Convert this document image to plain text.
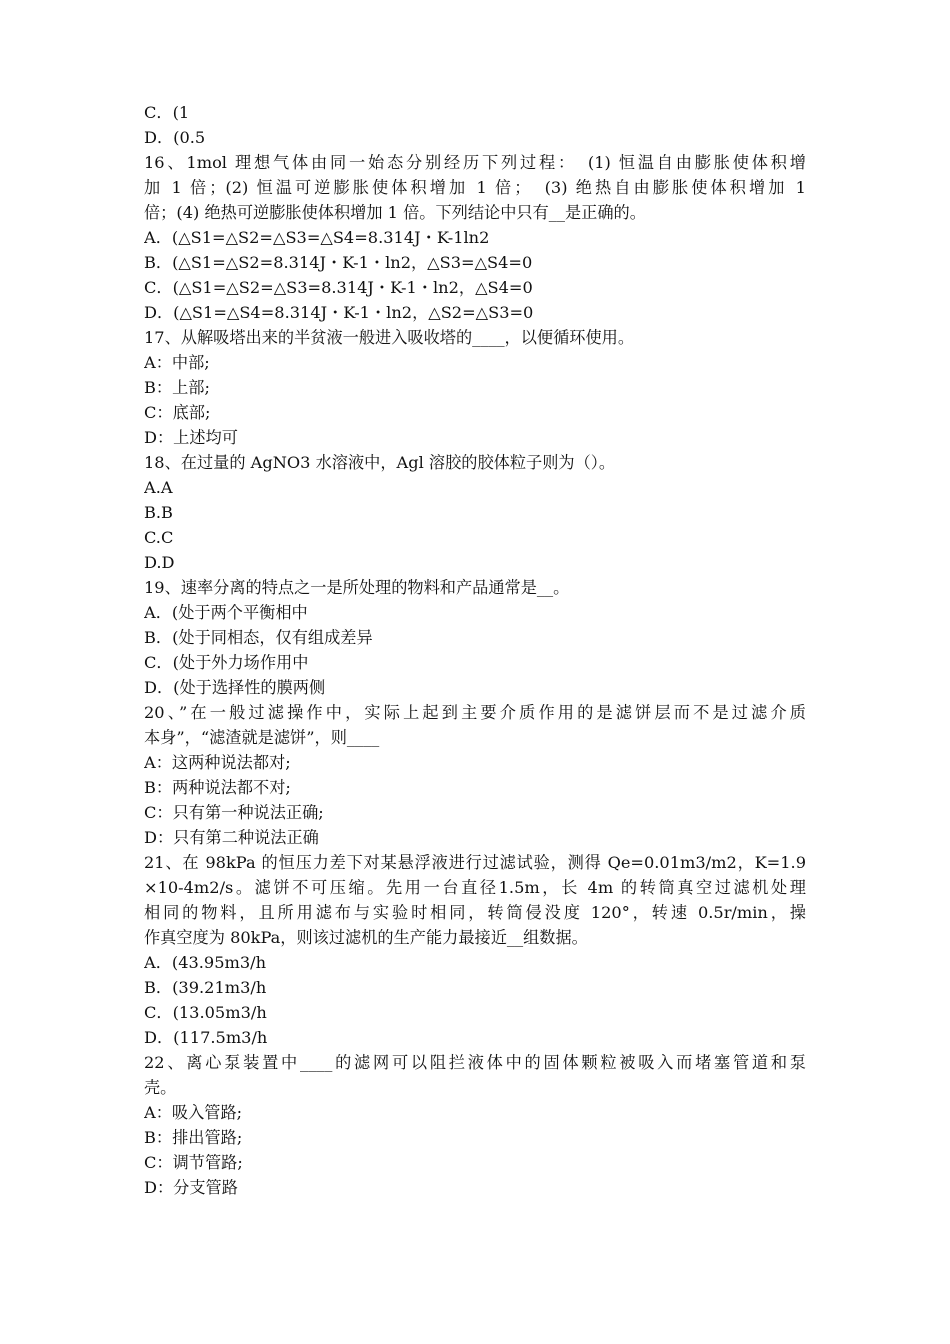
C．(1
D．(0.5
16、1mol 理想气体由同一始态分别经历下列过程：　(1) 恒温自由膨胀使体积增
加 1 倍；(2) 恒温可逆膨胀使体积增加 1 倍；　(3) 绝热自由膨胀使体积增加 1
倍；(4) 绝热可逆膨胀使体积增加 1 倍。下列结论中只有__是正确的。
A．(△S1=△S2=△S3=△S4=8.314J・K-1ln2
B．(△S1=△S2=8.314J・K-1・ln2，△S3=△S4=0
C．(△S1=△S2=△S3=8.314J・K-1・ln2，△S4=0
D．(△S1=△S4=8.314J・K-1・ln2，△S2=△S3=0
17、从解吸塔出来的半贫液一般进入吸收塔的____，以便循环使用。
A：中部;
B：上部;
C：底部;
D：上述均可
18、在过量的 AgNO3 水溶液中，Agl 溶胶的胶体粒子则为（）。
A.A
B.B
C.C
D.D
19、速率分离的特点之一是所处理的物料和产品通常是__。
A．(处于两个平衡相中
B．(处于同相态，仅有组成差异
C．(处于外力场作用中
D．(处于选择性的膜两侧
20、”在一般过滤操作中，实际上起到主要介质作用的是滤饼层而不是过滤介质
本身”，“滤渣就是滤饼”，则____
A：这两种说法都对;
B：两种说法都不对;
C：只有第一种说法正确;
D：只有第二种说法正确
21、在 98kPa 的恒压力差下对某悬浮液进行过滤试验，测得 Qe=0.01m3/m2，K=1.9
×10-4m2/s。滤饼不可压缩。先用一台直径1.5m，长 4m 的转筒真空过滤机处理
相同的物料，且所用滤布与实验时相同，转筒侵没度 120°，转速 0.5r/min，操
作真空度为 80kPa，则该过滤机的生产能力最接近__组数据。
A．(43.95m3/h
B．(39.21m3/h
C．(13.05m3/h
D．(117.5m3/h
22、离心泵装置中____的滤网可以阻拦液体中的固体颗粒被吸入而堵塞管道和泵
壳。
A：吸入管路;
B：排出管路;
C：调节管路;
D：分支管路
